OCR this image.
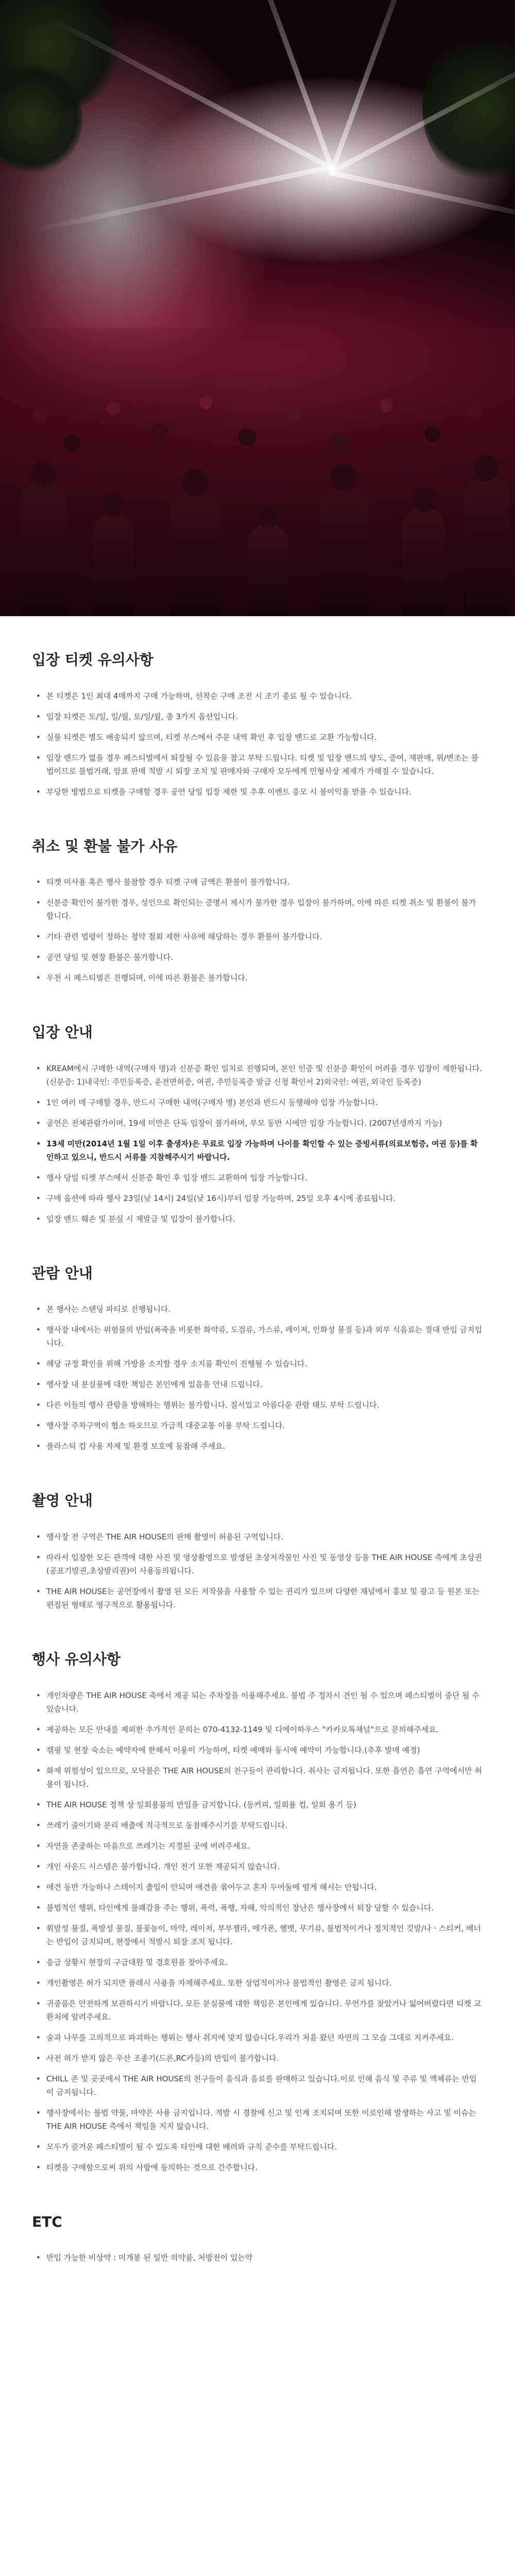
입장 티켓 유의사항
• 본 티켓은 1인 최대 4매까지 구매 가능하며, 선착순 구매 조진 시 조기 종료 될 수 있습니다.
• 입장 티켓은 토/일, 일/월, 토/일/월, 총 3가지 옵션입니다.
• 실물 티켓은 별도 배송되지 않으며, 티켓 부스에서 주문 내역 확인 후 입장 밴드로 교환 가능합니다.
• 입장 밴드가 없을 경우 페스티벌에서 퇴장될 수 있음을 참고 부탁 드립니다. 티켓 및 입장 밴드의 양도, 증여, 재판매, 위/변조는 불법이므로 불법거래, 암표 판매 적발 시 퇴장 조치 및 판매자와 구매자 모두에게 민형사상 제재가 가해질 수 있습니다.
• 부당한 방법으로 티켓을 구매할 경우 공연 당일 입장 제한 및 추후 이벤트 응모 시 불이익을 받을 수 있습니다.
취소 및 환불 불가 사유
• 티켓 미사용 혹은 행사 불참할 경우 티켓 구매 금액은 환불이 불가합니다.
• 신분증 확인이 불가한 경우, 성인으로 확인되는 증명서 제시가 불가한 경우 입장이 불가하며, 이에 따른 티켓 취소 및 환불이 불가합니다.
• 기타 관련 법령이 정하는 청약 철회 제한 사유에 해당하는 경우 환불이 불가합니다.
• 공연 당일 및 현장 환불은 불가합니다.
• 우천 시 페스티벌은 진행되며, 이에 따른 환불은 불가합니다.
입장 안내
• KREAM에서 구매한 내역(구매자 명)과 신분증 확인 일치로 진행되며, 본인 인증 및 신분증 확인이 어려울 경우 입장이 제한됩니다. (신분증: 1)내국인: 주민등록증, 운전면허증, 여권, 주민등록증 발급 신청 확인서 2)외국인: 여권, 외국인 등록증)
• 1인 여러 매 구매할 경우, 반드시 구매한 내역(구매자 명) 본인과 반드시 동행해야 입장 가능합니다.
• 공연은 전체관람가이며, 19세 미만은 단독 입장이 불가하며, 부모 동반 시에만 입장 가능합니다. (2007년생까지 가능)
• 13세 미만(2014년 1월 1일 이후 출생자)은 무료로 입장 가능하며 나이를 확인할 수 있는 증빙서류(의료보험증, 여권 등)를 확인하고 있으니, 반드시 서류를 지참해주시기 바랍니다.
• 행사 당일 티켓 부스에서 신분증 확인 후 입장 밴드 교환하여 입장 가능합니다.
• 구매 옵션에 따라 행사 23일(낮 14시) 24일(낮 16시)부터 입장 가능하며, 25일 오후 4시에 종료됩니다.
• 입장 밴드 훼손 및 분실 시 재발급 및 입장이 불가합니다.
관람 안내
• 본 행사는 스탠딩 파티로 진행됩니다.
• 행사장 내에서는 위험물의 반입(폭죽을 비롯한 화약류, 도검류, 가스류, 레이저, 인화성 물질 등)과 외부 식음료는 절대 반입 금지입니다.
• 해당 규정 확인을 위해 가방을 소지할 경우 소지품 확인이 진행될 수 있습니다.
• 행사장 내 분실물에 대한 책임은 본인에게 있음을 안내 드립니다.
• 다른 이들의 행사 관람을 방해하는 행위는 불가합니다. 질서있고 아름다운 관람 태도 부탁 드립니다.
• 행사장 주차구역이 협소 하오므로 가급적 대중교통 이용 부탁 드립니다.
• 플라스틱 컵 사용 자제 및 환경 보호에 동참해 주세요.
촬영 안내
• 행사장 전 구역은 THE AIR HOUSE의 판매 촬영이 허용된 구역입니다.
• 따라서 입장한 모든 관객에 대한 사진 및 영상촬영으로 발생된 초상저작물인 사진 및 동영상 등을 THE AIR HOUSE 측에게 초상권(공표기발권,초상발리권)이 사용동의됩니다.
• THE AIR HOUSE는 공연장에서 촬영 된 모든 저작물을 사용할 수 있는 권리가 있으며 다양한 채널에서 홍보 및 광고 등 원본 또는 편집된 형태로 영구적으로 활용됩니다.
행사 유의사항
• 개인차량은 THE AIR HOUSE 측에서 제공 되는 주차장을 이용해주세요. 불법 주 정차시 견인 될 수 있으며 페스티벌이 중단 될 수 있습니다.
• 제공하는 모든 안내를 제외한 추가적인 문의는 070-4132-1149 및 디에이하우스 "카카오톡채널"으로 문의해주세요.
• 캠핑 및 현장 숙소는 예약자에 한해서 이용이 가능하며, 티켓 예매와 동시에 예약이 가능합니다.(추후 발매 예정)
• 화재 위험성이 있으므로, 모닥불은 THE AIR HOUSE의 친구들이 관리합니다. 취사는 금지됩니다. 또한 흡연은 흡연 구역에서만 허용이 됩니다.
• THE AIR HOUSE 정책 상 일회용품의 반입을 금지합니다. (동커피, 일회용 컵, 일회 용기 등)
• 쓰레기 줄이기와 분리 배출에 적극적으로 동참해주시기를 부탁드립니다.
• 자연을 존중하는 마음으로 쓰레기는 지정된 곳에 버려주세요.
• 개인 사운드 시스템은 불가합니다. 개인 전기 또한 제공되지 않습니다.
• 애견 동반 가능하나 스테이지 출입이 안되며 애견을 묶어두고 혼자 두어둘에 떨게 해서는 안됩니다.
• 불법적인 행위, 타인에게 불쾌감을 주는 행위, 폭력, 폭행, 자해, 악의적인 장난은 행사장에서 퇴장 당할 수 있습니다.
• 휘발성 물질, 폭발성 물질, 불꽃놀이, 마약, 레이저, 부부젤라, 에가폰, 헬멧, 무기류, 불법적이거나 정치적인 깃발/나ㆍ스티커, 배너는 반입이 금지되며, 현장에서 적발시 퇴장 조치 됩니다.
• 응급 상황시 현장의 구급대원 및 경호원을 찾아주세요.
• 개인촬영은 허가 되지만 플래시 사용을 자제해주세요. 또한 상업적이거나 불법적인 촬영은 금지 됩니다.
• 귀중품은 안전하게 보관하시기 바랍니다. 모든 분실물에 대한 책임은 본인에게 있습니다. 무언가를 찾았거나 잃어버렸다면 티켓 교환처에 알려주세요.
• 술과 나무를 고의적으로 파괴하는 행위는 행사 취지에 맞지 않습니다.우리가 처음 왔던 자연의 그 모습 그대로 지켜주세요.
• 사전 허가 받지 않은 우산 조종기(드론,RC카등)의 반입이 불가합니다.
• CHILL 존 및 곳곳에서 THE AIR HOUSE의 친구들이 음식과 음료를 판매하고 있습니다.이로 인해 음식 및 주류 및 액체류는 반입이 금지됩니다.
• 행사장에서는 불법 약물, 마약은 사용 금지입니다. 적발 시 경찰에 신고 및 인계 조치되며 또한 이로인해 발생하는 사고 및 이슈는 THE AIR HOUSE 측에서 책임을 지지 않습니다.
• 모두가 즐거운 페스티벌이 될 수 있도록 타인에 대한 배려와 규칙 준수를 부탁드립니다.
• 티켓을 구매함으로써 위의 사항에 동의하는 것으로 간주합니다.
ETC
• 반입 가능한 비상약 : 미개봉 된 일반 의약품, 처방전이 있는약
